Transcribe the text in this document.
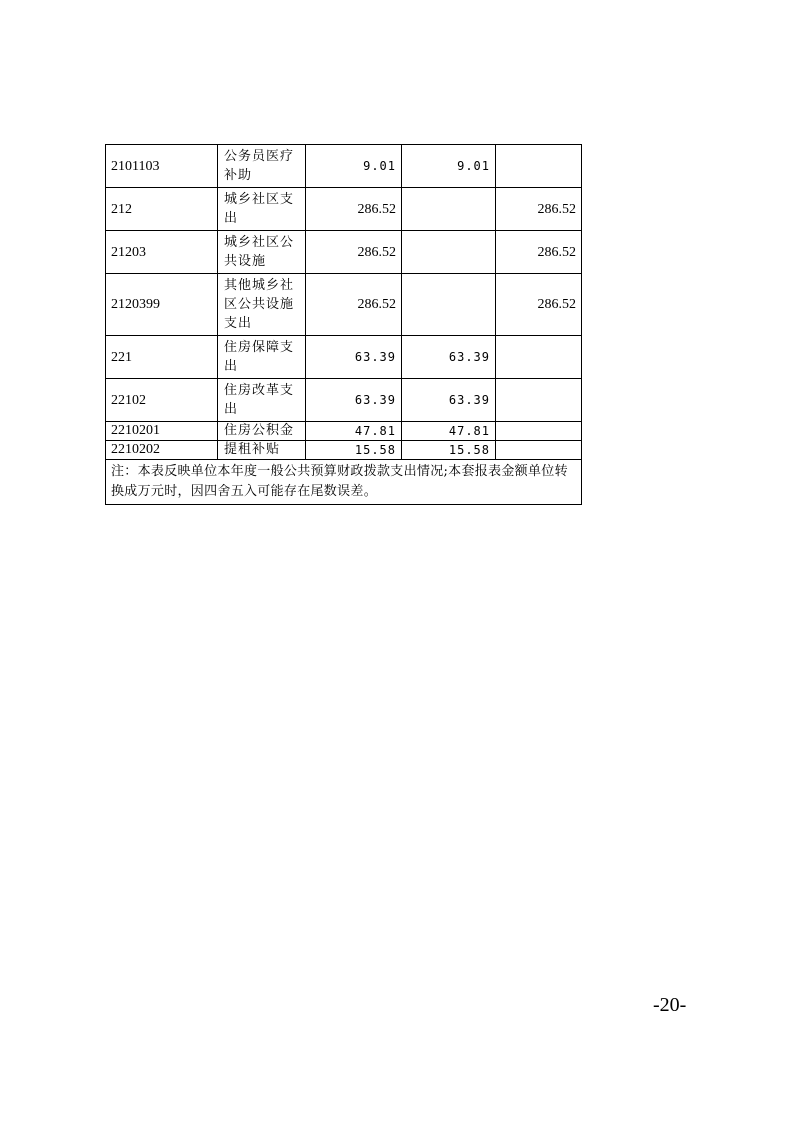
2101103	公务员医疗补助	9.01	9.01	
212	城乡社区支出	286.52		286.52
21203	城乡社区公共设施	286.52		286.52
2120399	其他城乡社区公共设施支出	286.52		286.52
221	住房保障支出	63.39	63.39	
22102	住房改革支出	63.39	63.39	
2210201	住房公积金	47.81	47.81	
2210202	提租补贴	15.58	15.58	
注：本表反映单位本年度一般公共预算财政拨款支出情况;本套报表金额单位转换成万元时，因四舍五入可能存在尾数误差。				
-20-
